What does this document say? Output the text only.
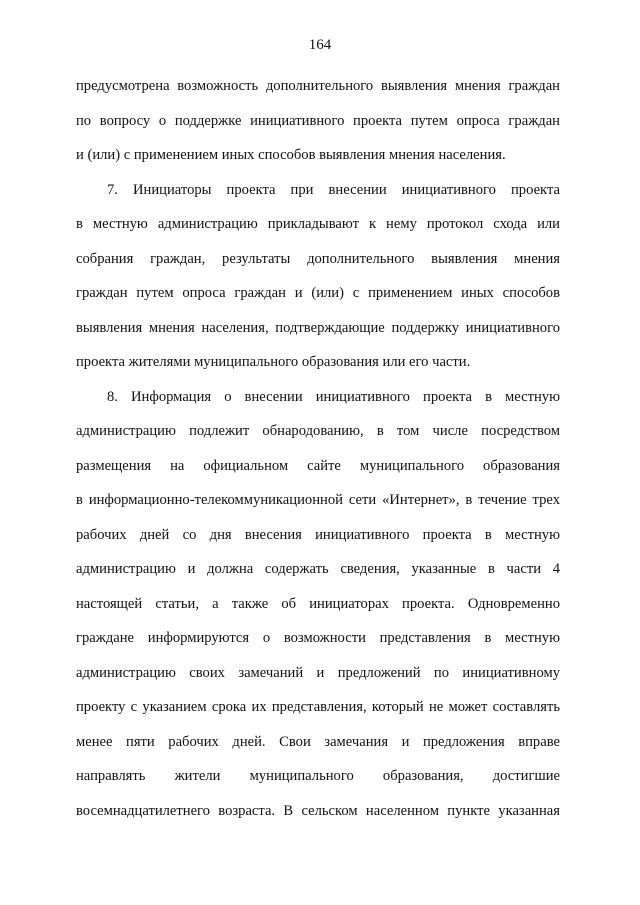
164
предусмотрена возможность дополнительного выявления мнения граждан
по вопросу о поддержке инициативного проекта путем опроса граждан
и (или) с применением иных способов выявления мнения населения.
7. Инициаторы проекта при внесении инициативного проекта
в местную администрацию прикладывают к нему протокол схода или
собрания граждан, результаты дополнительного выявления мнения
граждан путем опроса граждан и (или) с применением иных способов
выявления мнения населения, подтверждающие поддержку инициативного
проекта жителями муниципального образования или его части.
8. Информация о внесении инициативного проекта в местную
администрацию подлежит обнародованию, в том числе посредством
размещения на официальном сайте муниципального образования
в информационно-телекоммуникационной сети «Интернет», в течение трех
рабочих дней со дня внесения инициативного проекта в местную
администрацию и должна содержать сведения, указанные в части 4
настоящей статьи, а также об инициаторах проекта. Одновременно
граждане информируются о возможности представления в местную
администрацию своих замечаний и предложений по инициативному
проекту с указанием срока их представления, который не может составлять
менее пяти рабочих дней. Свои замечания и предложения вправе
направлять жители муниципального образования, достигшие
восемнадцатилетнего возраста. В сельском населенном пункте указанная
